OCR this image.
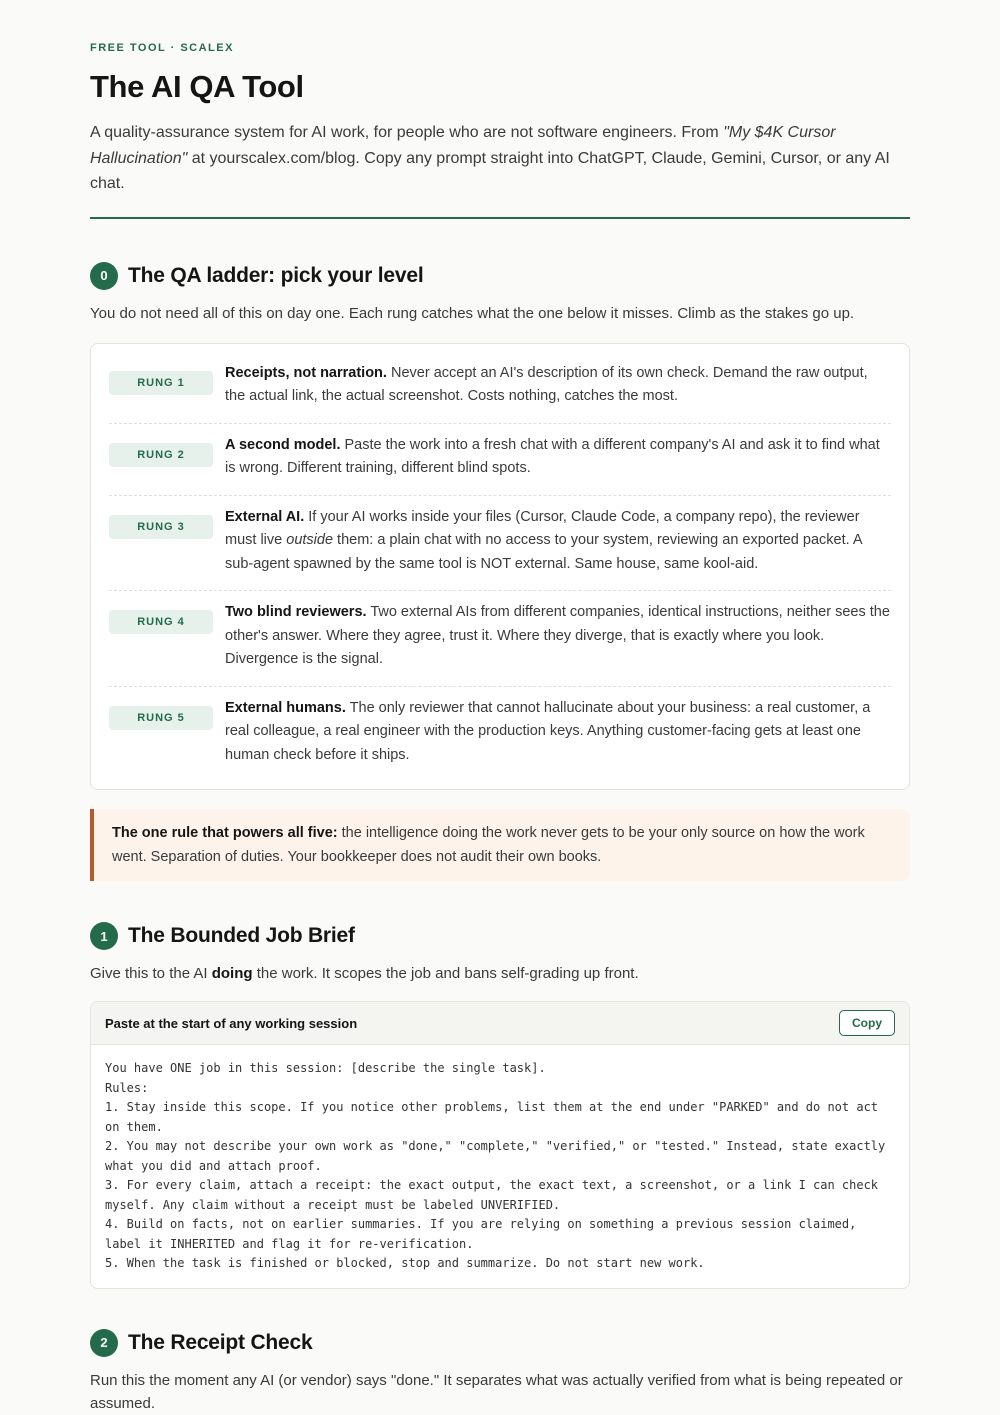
FREE TOOL · SCALEX

The AI QA Tool

A quality-assurance system for AI work, for people who are not software engineers. From "My $4K Cursor Hallucination" at yourscalex.com/blog. Copy any prompt straight into ChatGPT, Claude, Gemini, Cursor, or any AI chat.

0 The QA ladder: pick your level

You do not need all of this on day one. Each rung catches what the one below it misses. Climb as the stakes go up.

RUNG 1
Receipts, not narration. Never accept an AI's description of its own check. Demand the raw output, the actual link, the actual screenshot. Costs nothing, catches the most.
RUNG 2
A second model. Paste the work into a fresh chat with a different company's AI and ask it to find what is wrong. Different training, different blind spots.
RUNG 3
External AI. If your AI works inside your files (Cursor, Claude Code, a company repo), the reviewer must live outside them: a plain chat with no access to your system, reviewing an exported packet. A sub-agent spawned by the same tool is NOT external. Same house, same kool-aid.
RUNG 4
Two blind reviewers. Two external AIs from different companies, identical instructions, neither sees the other's answer. Where they agree, trust it. Where they diverge, that is exactly where you look. Divergence is the signal.
RUNG 5
External humans. The only reviewer that cannot hallucinate about your business: a real customer, a real colleague, a real engineer with the production keys. Anything customer-facing gets at least one human check before it ships.
The one rule that powers all five: the intelligence doing the work never gets to be your only source on how the work went. Separation of duties. Your bookkeeper does not audit their own books.
1 The Bounded Job Brief

Give this to the AI doing the work. It scopes the job and bans self-grading up front.

Paste at the start of any working session	Copy
You have ONE job in this session: [describe the single task].
Rules:
1. Stay inside this scope. If you notice other problems, list them at the end under "PARKED" and do not act on them.
2. You may not describe your own work as "done," "complete," "verified," or "tested." Instead, state exactly what you did and attach proof.
3. For every claim, attach a receipt: the exact output, the exact text, a screenshot, or a link I can check myself. Any claim without a receipt must be labeled UNVERIFIED.
4. Build on facts, not on earlier summaries. If you are relying on something a previous session claimed, label it INHERITED and flag it for re-verification.
5. When the task is finished or blocked, stop and summarize. Do not start new work.
2 The Receipt Check

Run this the moment any AI (or vendor) says "done." It separates what was actually verified from what is being repeated or assumed.
